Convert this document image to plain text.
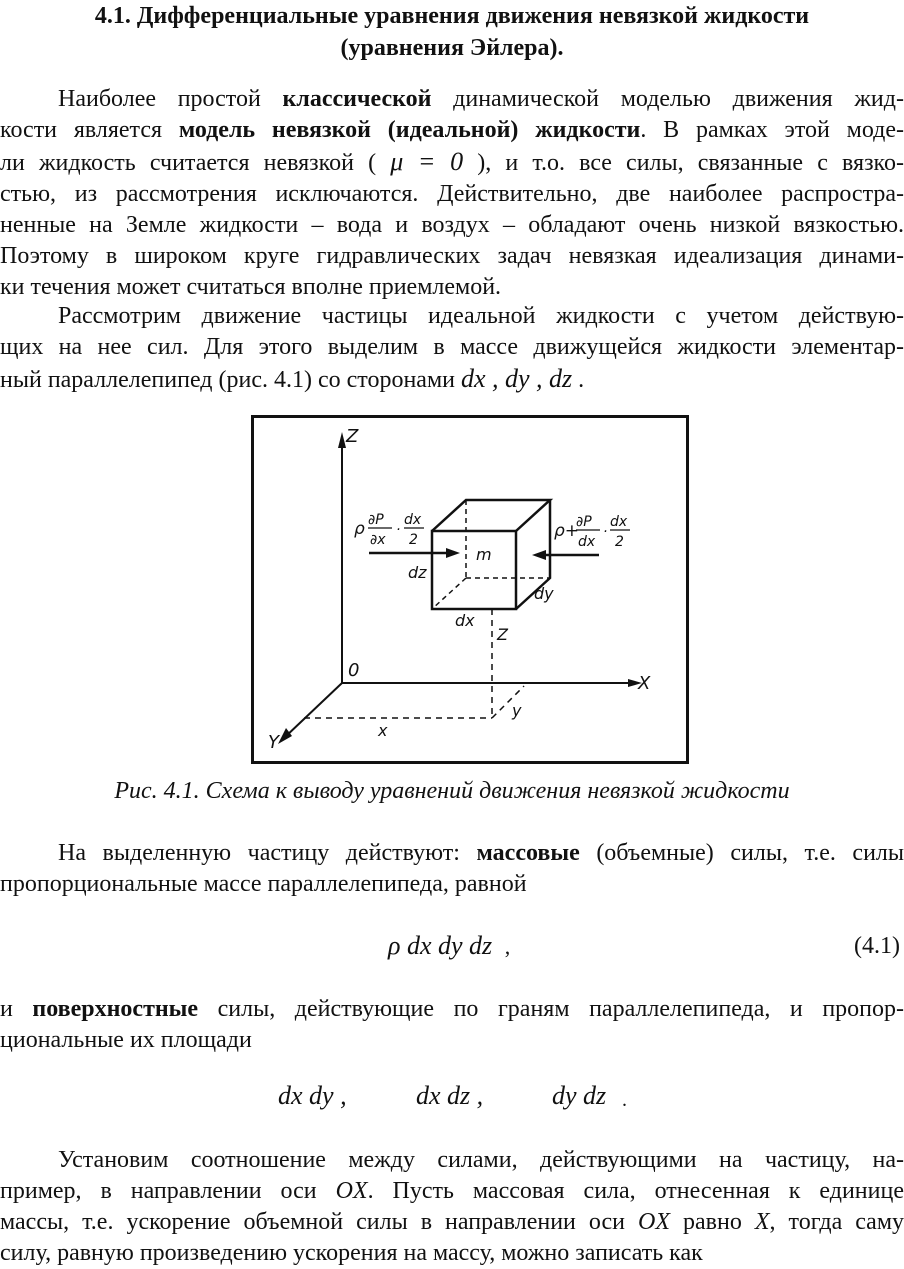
4.1. Дифференциальные уравнения движения невязкой жидкости
(уравнения Эйлера).
Наиболее простой классической динамической моделью движения жид-
кости является модель невязкой (идеальной) жидкости. В рамках этой моде-
ли жидкость считается невязкой ( μ = 0 ), и т.о. все силы, связанные с вязко-
стью, из рассмотрения исключаются. Действительно, две наиболее распростра-
ненные на Земле жидкости – вода и воздух – обладают очень низкой вязкостью.
Поэтому в широком круге гидравлических задач невязкая идеализация динами-
ки течения может считаться вполне приемлемой.
Рассмотрим движение частицы идеальной жидкости с учетом действую-
щих на нее сил. Для этого выделим в массе движущейся жидкости элементар-
ный параллелепипед (рис. 4.1) со сторонами dx , dy , dz .
Z
X
Y
0
m
dx
dy
dz
Z
x
y
ρ ∂P
∂x
·
dx
2	ρ+
∂P
dx
·
dx
2
Рис. 4.1. Схема к выводу уравнений движения невязкой жидкости
На выделенную частицу действуют: массовые (объемные) силы, т.е. силы
пропорциональные массе параллелепипеда, равной
ρ dx dy dz ,	(4.1)
и поверхностные силы, действующие по граням параллелепипеда, и пропор-
циональные их площади
dx dy ,	dx dz ,	dy dz .
Установим соотношение между силами, действующими на частицу, на-
пример, в направлении оси OX. Пусть массовая сила, отнесенная к единице
массы, т.е. ускорение объемной силы в направлении оси OX равно X, тогда саму
силу, равную произведению ускорения на массу, можно записать как
